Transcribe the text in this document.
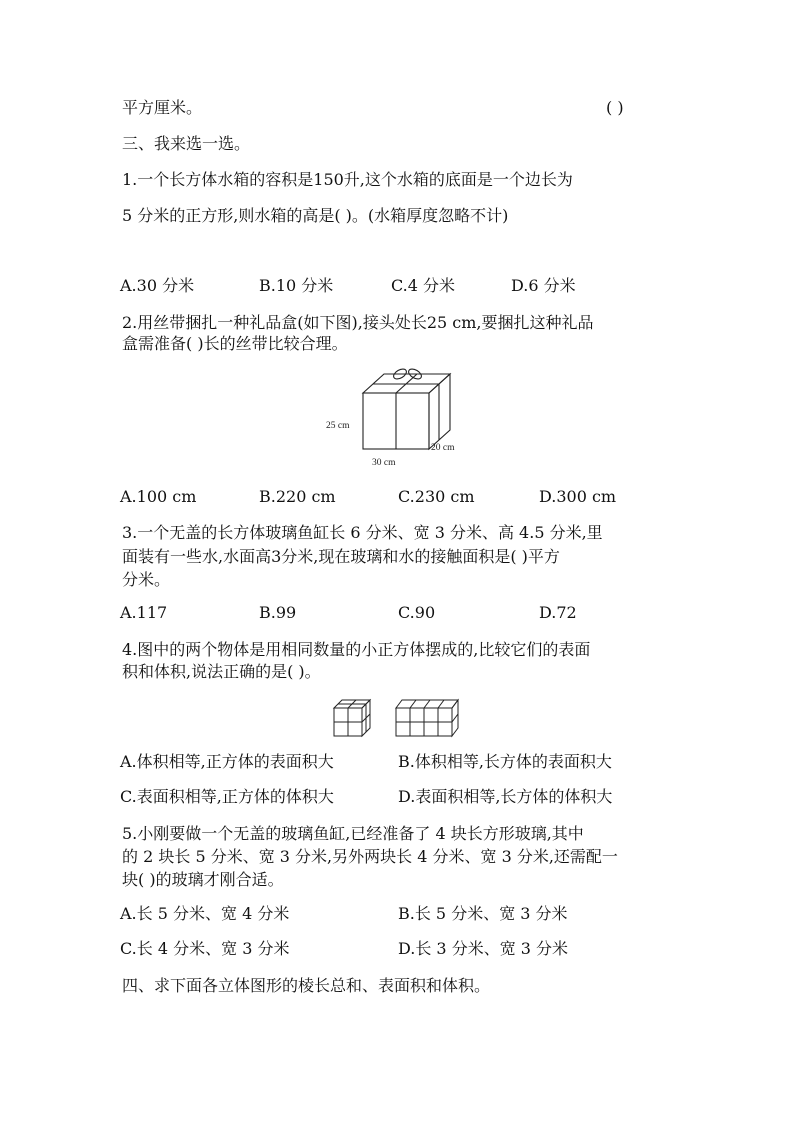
平方厘米。	( )
三、我来选一选。
1.一个长方体水箱的容积是150升,这个水箱的底面是一个边长为
5 分米的正方形,则水箱的高是( )。(水箱厚度忽略不计)
A.30 分米	B.10 分米	C.4 分米	D.6 分米
2.用丝带捆扎一种礼品盒(如下图),接头处长25 cm,要捆扎这种礼品
盒需准备( )长的丝带比较合理。
25 cm
30 cm
20 cm
A.100 cm	B.220 cm	C.230 cm	D.300 cm
3.一个无盖的长方体玻璃鱼缸长 6 分米、宽 3 分米、高 4.5 分米,里
面装有一些水,水面高3分米,现在玻璃和水的接触面积是( )平方
分米。
A.117	B.99	C.90	D.72
4.图中的两个物体是用相同数量的小正方体摆成的,比较它们的表面
积和体积,说法正确的是( )。
A.体积相等,正方体的表面积大	B.体积相等,长方体的表面积大
C.表面积相等,正方体的体积大	D.表面积相等,长方体的体积大
5.小刚要做一个无盖的玻璃鱼缸,已经准备了 4 块长方形玻璃,其中
的 2 块长 5 分米、宽 3 分米,另外两块长 4 分米、宽 3 分米,还需配一
块( )的玻璃才刚合适。
A.长 5 分米、宽 4 分米	B.长 5 分米、宽 3 分米
C.长 4 分米、宽 3 分米	D.长 3 分米、宽 3 分米
四、求下面各立体图形的棱长总和、表面积和体积。
